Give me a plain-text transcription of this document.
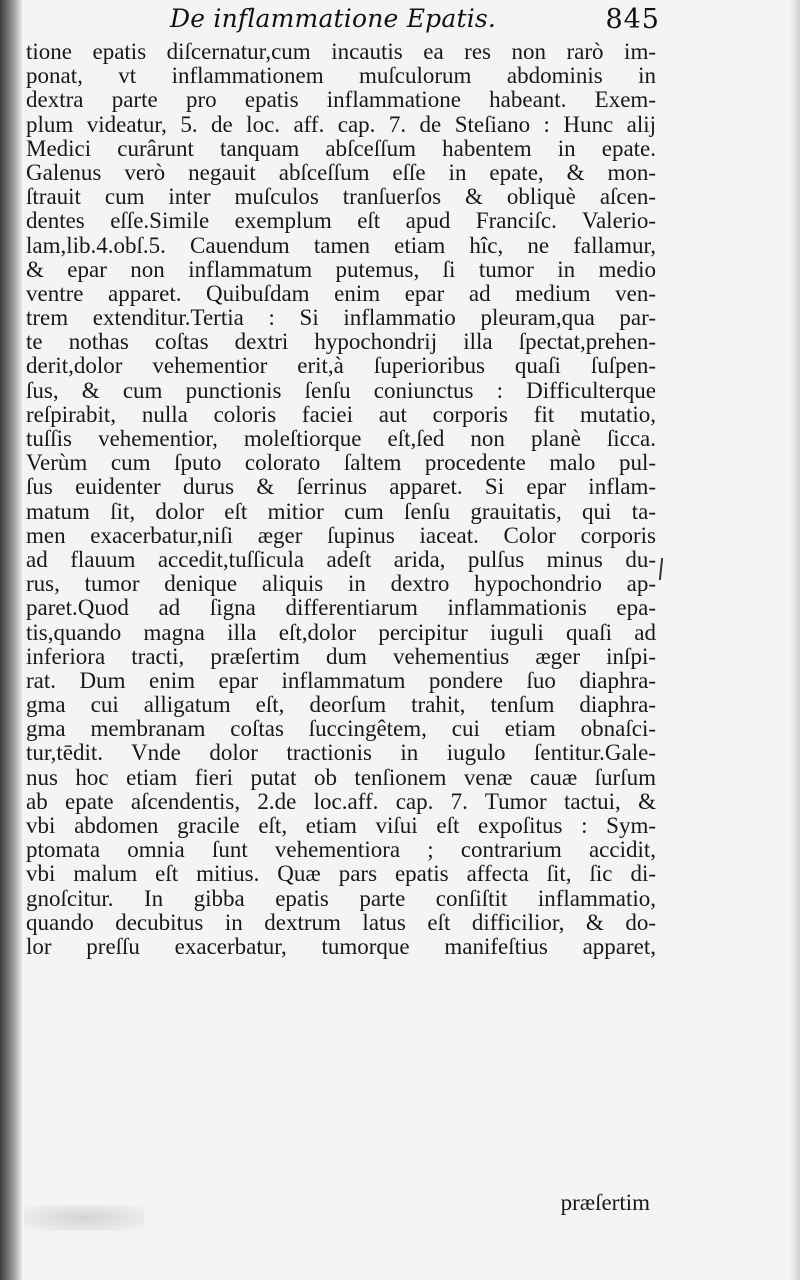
De inflammatione Epatis.	845
tione epatis diſcernatur,cum incautis ea res non rarò im-
ponat, vt inflammationem muſculorum abdominis in
dextra parte pro epatis inflammatione habeant. Exem-
plum videatur, 5. de loc. aff. cap. 7. de Steſiano : Hunc alij
Medici curârunt tanquam abſceſſum habentem in epate.
Galenus verò negauit abſceſſum eſſe in epate, & mon-
ſtrauit cum inter muſculos tranſuerſos & obliquè aſcen-
dentes eſſe.Simile exemplum eſt apud Franciſc. Valerio-
lam,lib.4.obſ.5. Cauendum tamen etiam hîc, ne fallamur,
& epar non inflammatum putemus, ſi tumor in medio
ventre apparet. Quibuſdam enim epar ad medium ven-
trem extenditur.Tertia : Si inflammatio pleuram,qua par-
te nothas coſtas dextri hypochondrij illa ſpectat,prehen-
derit,dolor vehementior erit,à ſuperioribus quaſi ſuſpen-
ſus, & cum punctionis ſenſu coniunctus : Difficulterque
reſpirabit, nulla coloris faciei aut corporis fit mutatio,
tuſſis vehementior, moleſtiorque eſt,ſed non planè ſicca.
Verùm cum ſputo colorato ſaltem procedente malo pul-
ſus euidenter durus & ſerrinus apparet. Si epar inflam-
matum ſit, dolor eſt mitior cum ſenſu grauitatis, qui ta-
men exacerbatur,niſi æger ſupinus iaceat. Color corporis
ad flauum accedit,tuſſicula adeſt arida, pulſus minus du-
rus, tumor denique aliquis in dextro hypochondrio ap-
paret.Quod ad ſigna differentiarum inflammationis epa-
tis,quando magna illa eſt,dolor percipitur iuguli quaſi ad
inferiora tracti, præſertim dum vehementius æger inſpi-
rat. Dum enim epar inflammatum pondere ſuo diaphra-
gma cui alligatum eſt, deorſum trahit, tenſum diaphra-
gma membranam coſtas ſuccingêtem, cui etiam obnaſci-
tur,tēdit. Vnde dolor tractionis in iugulo ſentitur.Gale-
nus hoc etiam fieri putat ob tenſionem venæ cauæ ſurſum
ab epate aſcendentis, 2.de loc.aff. cap. 7. Tumor tactui, &
vbi abdomen gracile eſt, etiam viſui eſt expoſitus : Sym-
ptomata omnia ſunt vehementiora ; contrarium accidit,
vbi malum eſt mitius. Quæ pars epatis affecta ſit, ſic di-
gnoſcitur. In gibba epatis parte conſiſtit inflammatio,
quando decubitus in dextrum latus eſt difficilior, & do-
lor preſſu exacerbatur, tumorque manifeſtius apparet,
præſertim
